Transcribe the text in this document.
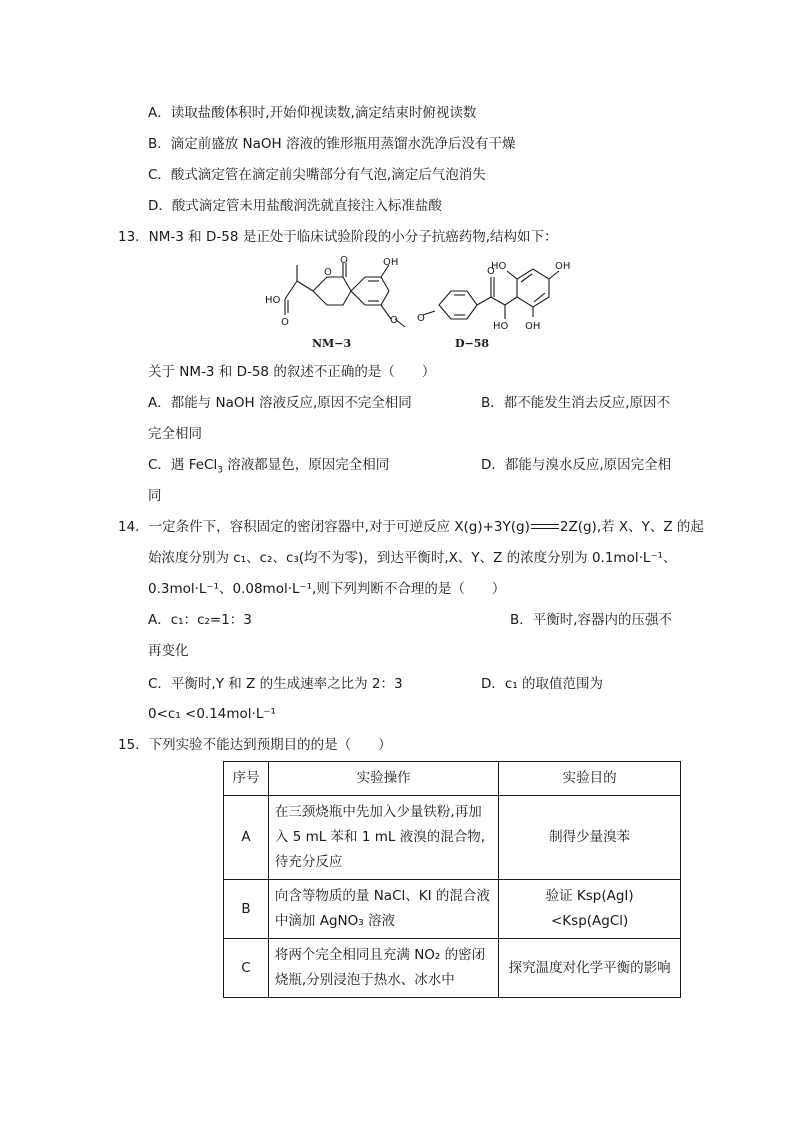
A．读取盐酸体积时,开始仰视读数,滴定结束时俯视读数
B．滴定前盛放 NaOH 溶液的锥形瓶用蒸馏水洗净后没有干燥
C．酸式滴定管在滴定前尖嘴部分有气泡,滴定后气泡消失
D．酸式滴定管未用盐酸润洗就直接注入标准盐酸
13．NM-3 和 D-58 是正处于临床试验阶段的小分子抗癌药物,结构如下：
HO
O
O
O	OH
O O
O
HO
HO	OH
OH
NM−3	D−58
关于 NM-3 和 D-58 的叙述不正确的是（　　）
A．都能与 NaOH 溶液反应,原因不完全相同	B．都不能发生消去反应,原因不
完全相同
C．遇 FeCl$_3$ 溶液都显色，原因完全相同	D．都能与溴水反应,原因完全相
同
14．一定条件下，容积固定的密闭容器中,对于可逆反应 X(g)+3Y(g) 2Z(g),若 X、Y、Z 的起
始浓度分别为 c₁、c₂、c₃(均不为零)，到达平衡时,X、Y、Z 的浓度分别为 0.1mol·L⁻¹、
0.3mol·L⁻¹、0.08mol·L⁻¹,则下列判断不合理的是（　　）
A．c₁：c₂=1：3	B．平衡时,容器内的压强不
再变化
C．平衡时,Y 和 Z 的生成速率之比为 2：3	D．c₁ 的取值范围为
0<c₁ <0.14mol·L⁻¹
15．下列实验不能达到预期目的的是（　　）
序号	实验操作	实验目的
A	在三颈烧瓶中先加入少量铁粉,再加入 5 mL 苯和 1 mL 液溴的混合物,待充分反应	制得少量溴苯
B	向含等物质的量 NaCl、KI 的混合液中滴加 AgNO₃ 溶液	验证 Ksp(AgI) <Ksp(AgCl)
C	将两个完全相同且充满 NO₂ 的密闭烧瓶,分别浸泡于热水、冰水中	探究温度对化学平衡的影响
